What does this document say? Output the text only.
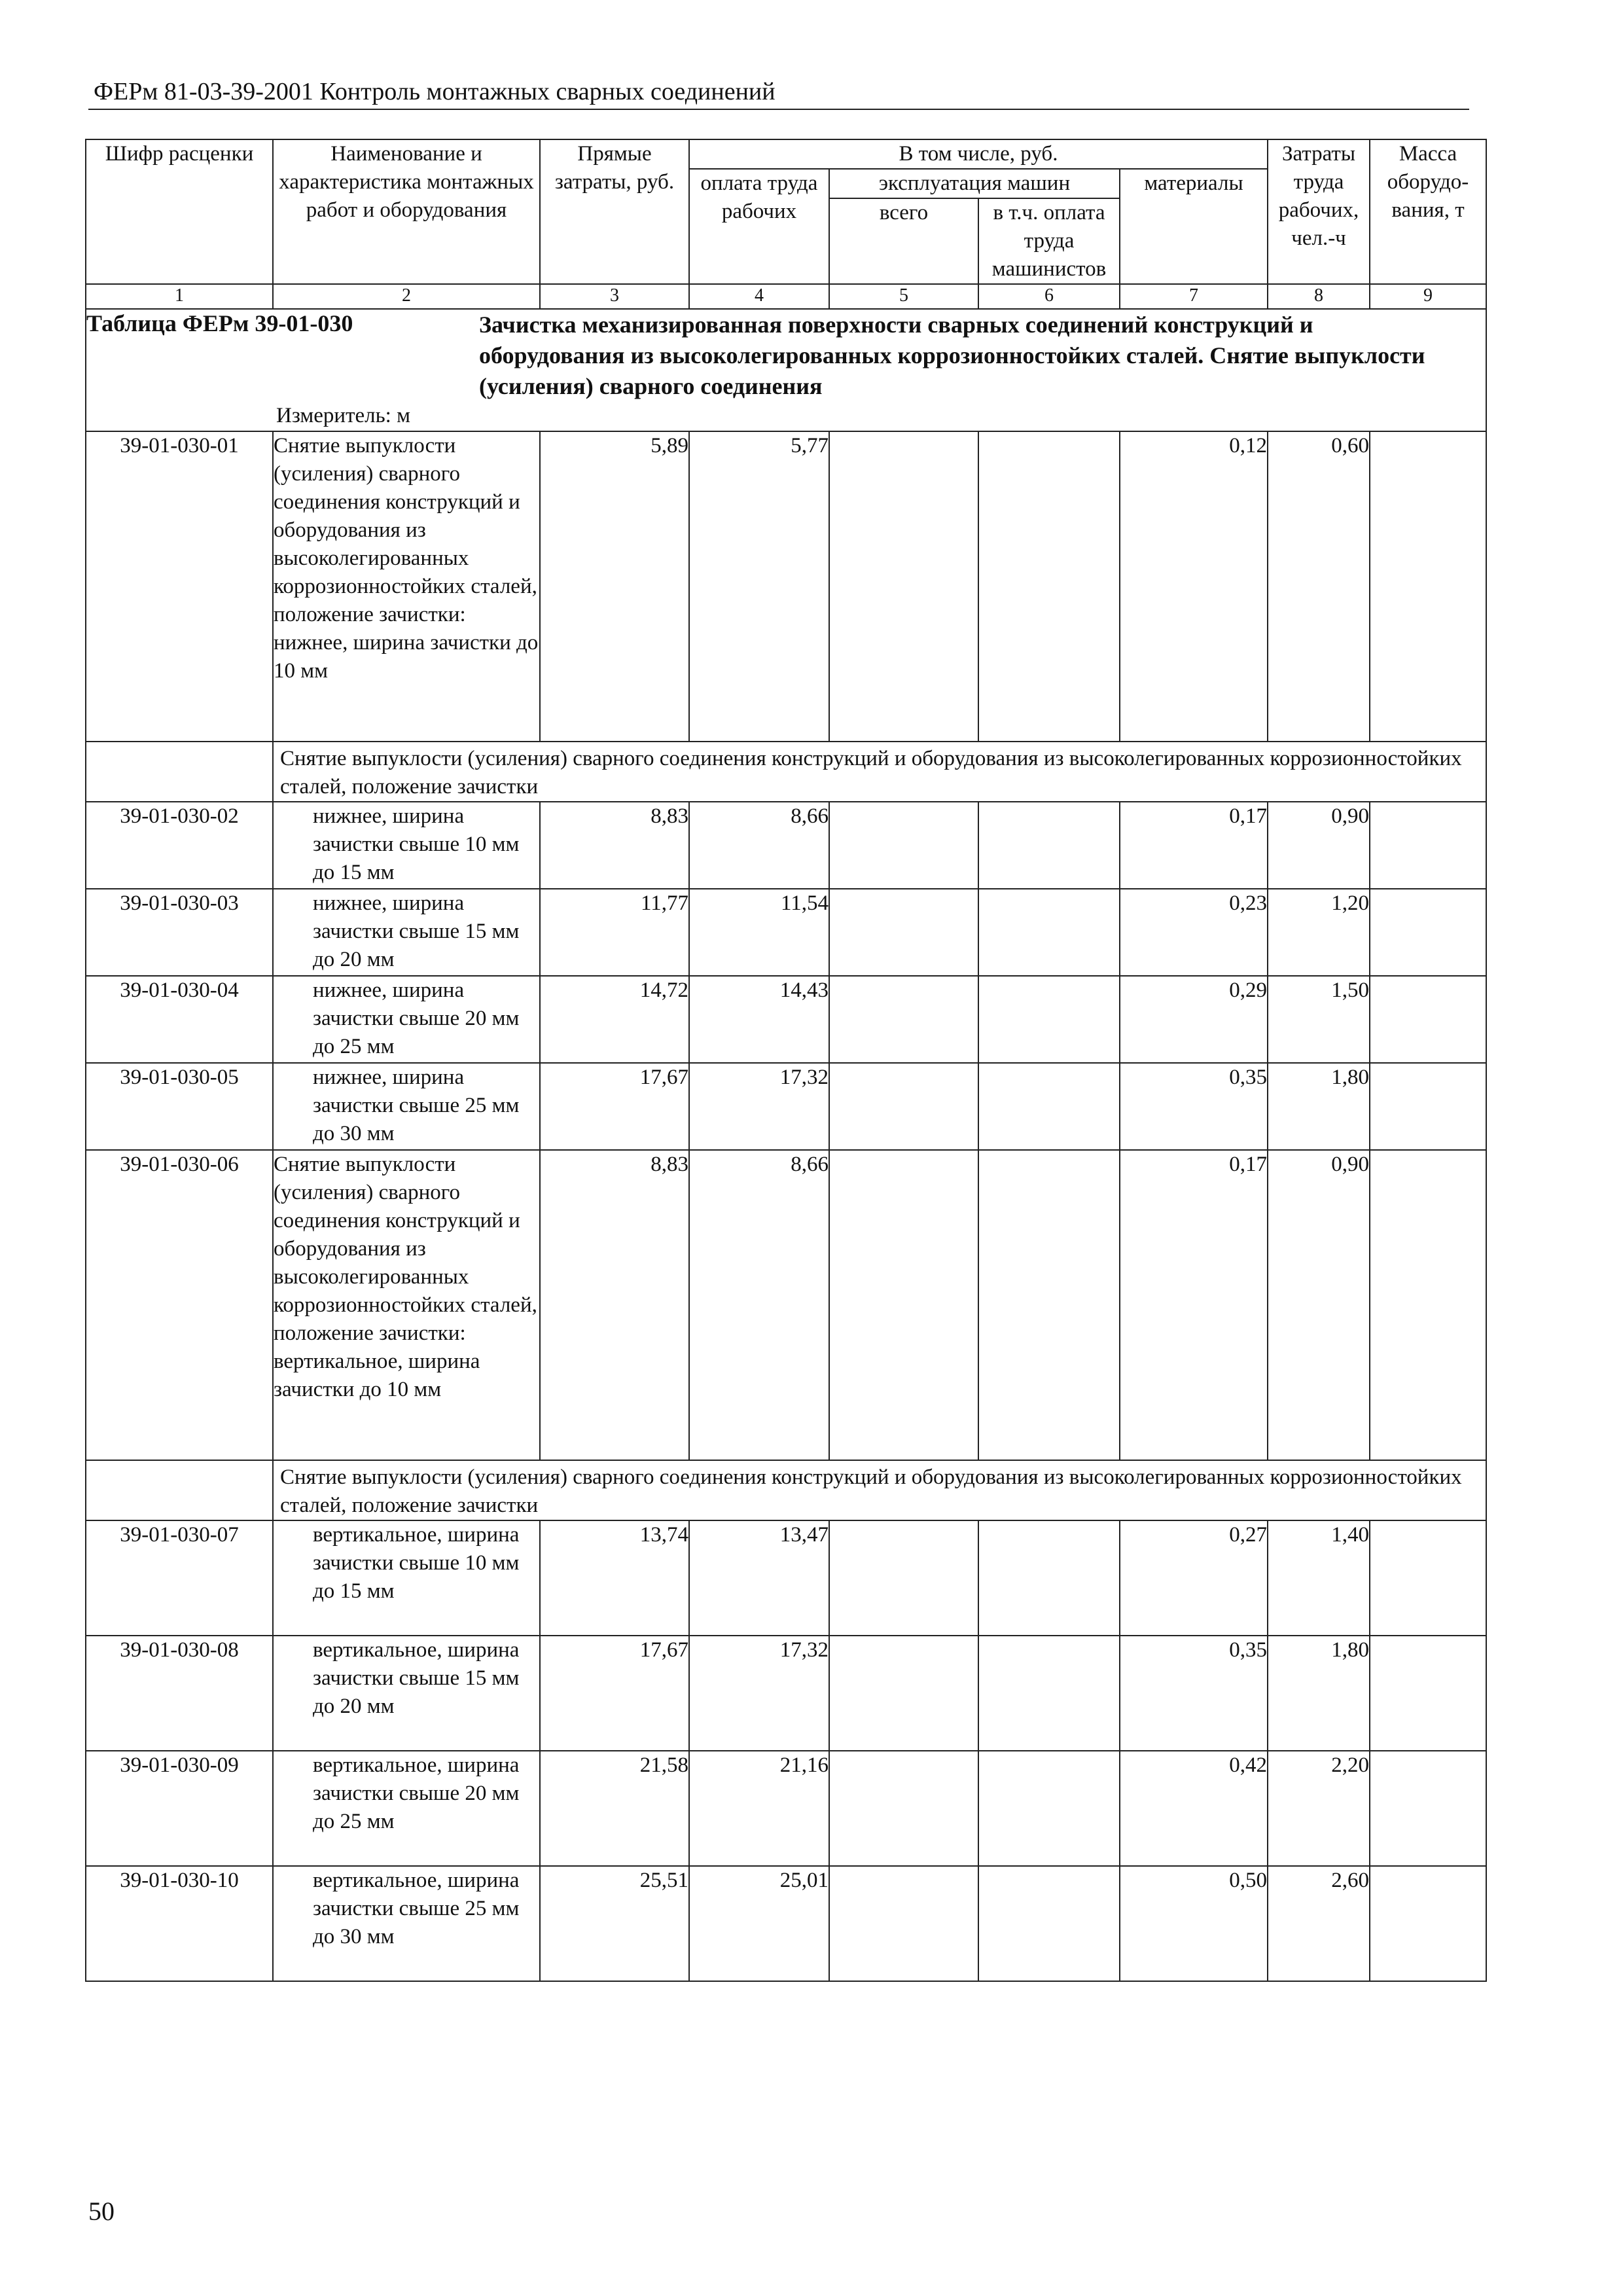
ФЕРм 81-03-39-2001 Контроль монтажных сварных соединений
Шифр расценки	Наименование и характеристика монтажных работ и оборудования	Прямые затраты, руб.	В том числе, руб.				Затраты труда рабочих, чел.-ч	Масса оборудо-вания, т
			оплата труда рабочих	эксплуатация машин		материалы		
				всего	в т.ч. оплата труда машинистов			
1	2	3	4	5	6	7	8	9
Таблица ФЕРм 39-01-030 Зачистка механизированная поверхности сварных соединений конструкций и оборудования из высоколегированных коррозионностойких сталей. Снятие выпуклости (усиления) сварного соединения
Измеритель: м								

39-01-030-01	Снятие выпуклости (усиления) сварного соединения конструкций и оборудования из высоколегированных коррозионностойких сталей, положение зачистки: нижнее, ширина зачистки до 10 мм	5,89	5,77			0,12	0,60	
	Снятие выпуклости (усиления) сварного соединения конструкций и оборудования из высоколегированных коррозионностойких сталей, положение зачистки							
39-01-030-02	нижнее, ширина зачистки свыше 10 мм до 15 мм	8,83	8,66			0,17	0,90	
39-01-030-03	нижнее, ширина зачистки свыше 15 мм до 20 мм	11,77	11,54			0,23	1,20	
39-01-030-04	нижнее, ширина зачистки свыше 20 мм до 25 мм	14,72	14,43			0,29	1,50	
39-01-030-05	нижнее, ширина зачистки свыше 25 мм до 30 мм	17,67	17,32			0,35	1,80	
39-01-030-06	Снятие выпуклости (усиления) сварного соединения конструкций и оборудования из высоколегированных коррозионностойких сталей, положение зачистки: вертикальное, ширина зачистки до 10 мм	8,83	8,66			0,17	0,90	
	Снятие выпуклости (усиления) сварного соединения конструкций и оборудования из высоколегированных коррозионностойких сталей, положение зачистки							
39-01-030-07	вертикальное, ширина зачистки свыше 10 мм до 15 мм	13,74	13,47			0,27	1,40	
39-01-030-08	вертикальное, ширина зачистки свыше 15 мм до 20 мм	17,67	17,32			0,35	1,80	
39-01-030-09	вертикальное, ширина зачистки свыше 20 мм до 25 мм	21,58	21,16			0,42	2,20	
39-01-030-10	вертикальное, ширина зачистки свыше 25 мм до 30 мм	25,51	25,01			0,50	2,60	
50
